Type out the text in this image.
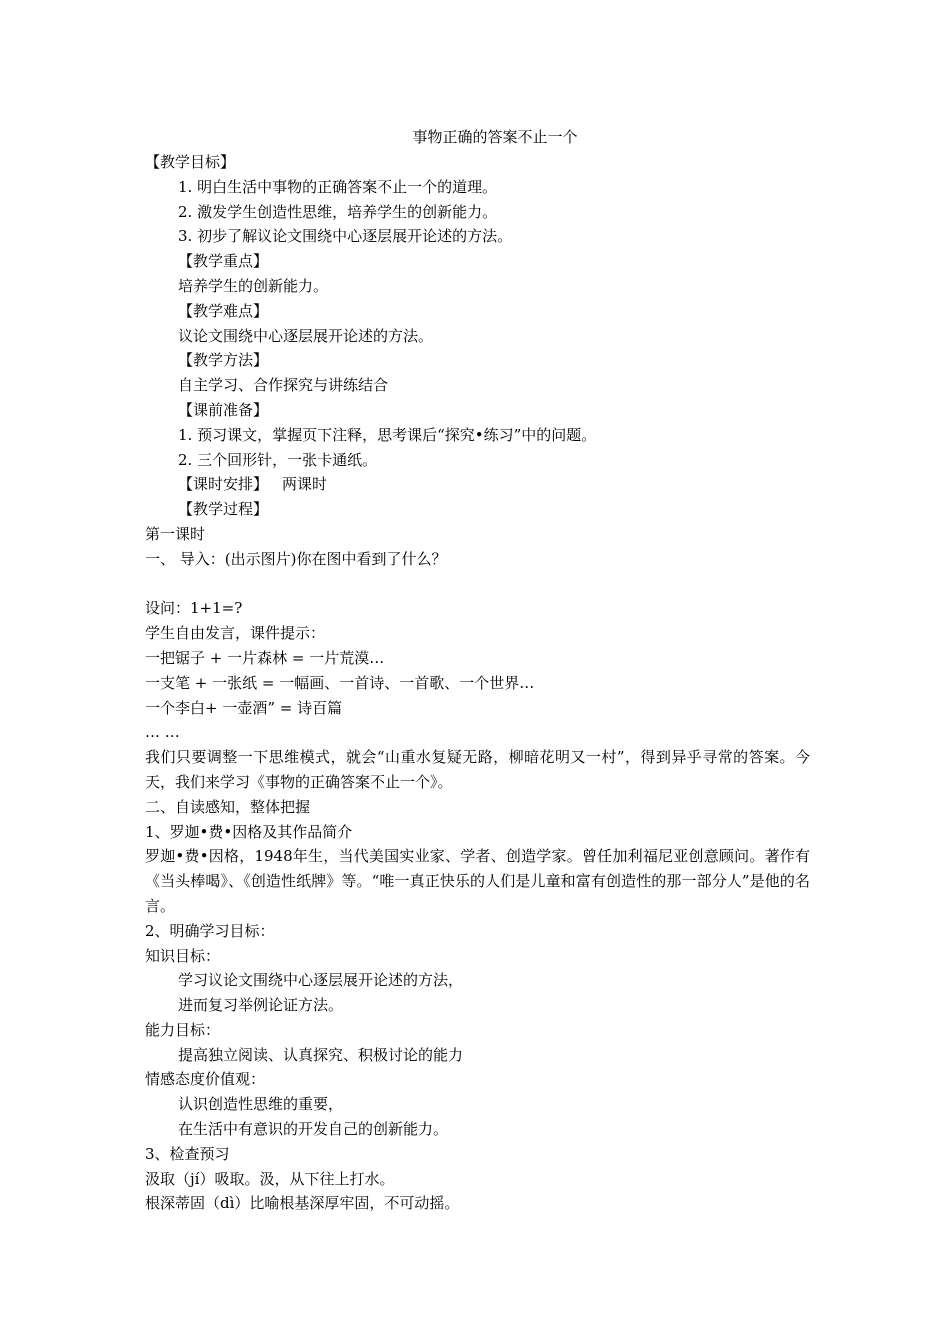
事物正确的答案不止一个

【教学目标】

1. 明白生活中事物的正确答案不止一个的道理。

2. 激发学生创造性思维，培养学生的创新能力。

3. 初步了解议论文围绕中心逐层展开论述的方法。

【教学重点】

培养学生的创新能力。

【教学难点】

议论文围绕中心逐层展开论述的方法。

【教学方法】

自主学习、合作探究与讲练结合

【课前准备】

1. 预习课文，掌握页下注释，思考课后“探究•练习”中的问题。

2. 三个回形针，一张卡通纸。

【课时安排】 两课时

【教学过程】

第一课时

一、 导入：(出示图片)你在图中看到了什么？

设问：1+1=?

学生自由发言，课件提示：

一把锯子 + 一片森林 = 一片荒漠…

一支笔 + 一张纸 = 一幅画、一首诗、一首歌、一个世界…

一个李白+ 一壶酒” = 诗百篇

… …

我们只要调整一下思维模式，就会“山重水复疑无路，柳暗花明又一村”，得到异乎寻常的答案。今天，我们来学习《事物的正确答案不止一个》。

二、自读感知，整体把握

1、罗迦•费•因格及其作品简介

罗迦•费•因格，1948年生，当代美国实业家、学者、创造学家。曾任加利福尼亚创意顾问。著作有《当头棒喝》、《创造性纸牌》等。“唯一真正快乐的人们是儿童和富有创造性的那一部分人”是他的名言。

2、明确学习目标：

知识目标：

学习议论文围绕中心逐层展开论述的方法，

进而复习举例论证方法。

能力目标：

提高独立阅读、认真探究、积极讨论的能力

情感态度价值观：

认识创造性思维的重要，

在生活中有意识的开发自己的创新能力。

3、检查预习

汲取（jí）吸取。汲，从下往上打水。

根深蒂固（dì）比喻根基深厚牢固，不可动摇。
